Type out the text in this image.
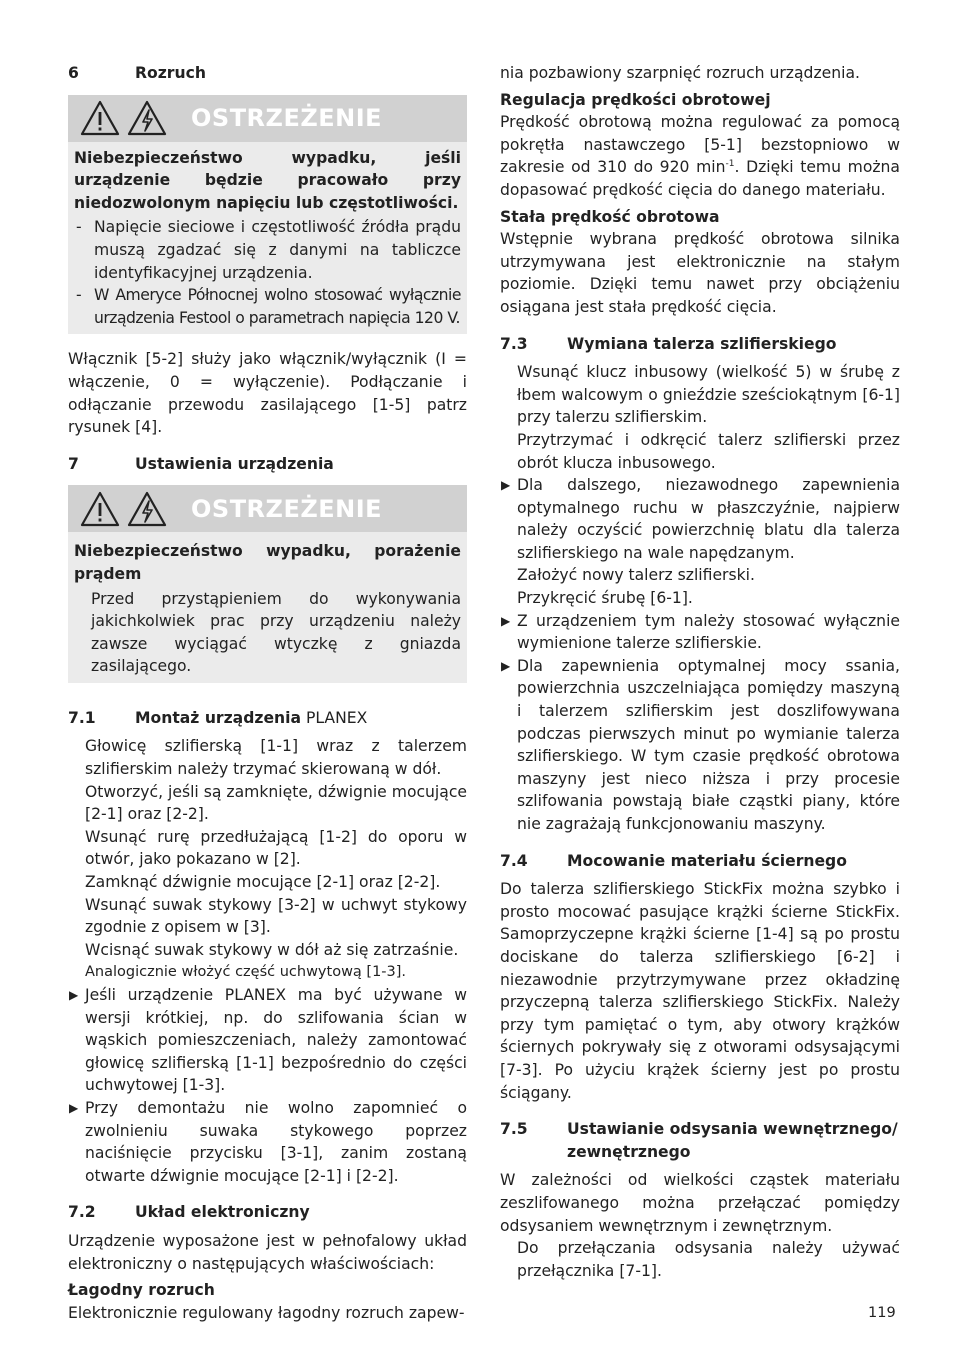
6	Rozruch
OSTRZEŻENIE

Niebezpieczeństwo wypadku, jeśli urządzenie będzie pracowało przy niedozwolonym napięciu lub częstotliwości.

- Napięcie sieciowe i częstotliwość źródła prądu muszą zgadzać się z danymi na tabliczce identyfikacyjnej urządzenia.
- W Ameryce Północnej wolno stosować wyłącznie urządzenia Festool o parametrach napięcia 120 V.

Włącznik [5-2] służy jako włącznik/wyłącznik (I = włączenie, 0 = wyłączenie). Podłączanie i odłączanie przewodu zasilającego [1-5] patrz rysunek [4].

7	Ustawienia urządzenia
OSTRZEŻENIE

Niebezpieczeństwo wypadku, porażenie prądem

Przed przystąpieniem do wykonywania jakichkolwiek prac przy urządzeniu należy zawsze wyciągać wtyczkę z gniazda zasilającego.

7.1	Montaż urządzenia PLANEX

Głowicę szlifierską [1-1] wraz z talerzem szlifierskim należy trzymać skierowaną w dół.

Otworzyć, jeśli są zamknięte, dźwignie mocujące [2-1] oraz [2-2].

Wsunąć rurę przedłużającą [1-2] do oporu w otwór, jako pokazano w [2].

Zamknąć dźwignie mocujące [2-1] oraz [2-2].

Wsunąć suwak stykowy [3-2] w uchwyt stykowy zgodnie z opisem w [3].

Wcisnąć suwak stykowy w dół aż się zatrzaśnie.

Analogicznie włożyć część uchwytową [1-3].

▶ Jeśli urządzenie PLANEX ma być używane w wersji krótkiej, np. do szlifowania ścian w wąskich pomieszczeniach, należy zamontować głowicę szlifierską [1-1] bezpośrednio do części uchwytowej [1-3].

▶ Przy demontażu nie wolno zapomnieć o zwolnieniu suwaka stykowego poprzez naciśnięcie przycisku [3-1], zanim zostaną otwarte dźwignie mocujące [2-1] i [2-2].

7.2	Układ elektroniczny

Urządzenie wyposażone jest w pełnofalowy układ elektroniczny o następujących właściwościach:

Łagodny rozruch

Elektronicznie regulowany łagodny rozruch zapew-

nia pozbawiony szarpnięć rozruch urządzenia.

Regulacja prędkości obrotowej

Prędkość obrotową można regulować za pomocą pokrętła nastawczego [5-1] bezstopniowo w zakresie od 310 do 920 $\min^{-1}$. Dzięki temu można dopasować prędkość cięcia do danego materiału.

Stała prędkość obrotowa

Wstępnie wybrana prędkość obrotowa silnika utrzymywana jest elektronicznie na stałym poziomie. Dzięki temu nawet przy obciążeniu osiągana jest stała prędkość cięcia.

7.3	Wymiana talerza szlifierskiego

Wsunąć klucz inbusowy (wielkość 5) w śrubę z łbem walcowym o gnieździe sześciokątnym [6-1] przy talerzu szlifierskim.

Przytrzymać i odkręcić talerz szlifierski przez obrót klucza inbusowego.

▶ Dla dalszego, niezawodnego zapewnienia optymalnego ruchu w płaszczyźnie, najpierw należy oczyścić powierzchnię blatu dla talerza szlifierskiego na wale napędzanym.

Założyć nowy talerz szlifierski.

Przykręcić śrubę [6-1].

▶ Z urządzeniem tym należy stosować wyłącznie wymienione talerze szlifierskie.

▶ Dla zapewnienia optymalnej mocy ssania, powierzchnia uszczelniająca pomiędzy maszyną i talerzem szlifierskim jest doszlifowywana podczas pierwszych minut po wymianie talerza szlifierskiego. W tym czasie prędkość obrotowa maszyny jest nieco niższa i przy procesie szlifowania powstają białe cząstki piany, które nie zagrażają funkcjonowaniu maszyny.

7.4	Mocowanie materiału ściernego

Do talerza szlifierskiego StickFix można szybko i prosto mocować pasujące krążki ścierne StickFix. Samoprzyczepne krążki ścierne [1-4] są po prostu dociskane do talerza szlifierskiego [6-2] i niezawodnie przytrzymywane przez okładzinę przyczepną talerza szlifierskiego StickFix. Należy przy tym pamiętać o tym, aby otwory krążków ściernych pokrywały się z otworami odsysającymi [7-3]. Po użyciu krążek ścierny jest po prostu ściągany.

7.5	Ustawianie odsysania wewnętrznego/ zewnętrznego

W zależności od wielkości cząstek materiału zeszlifowanego można przełączać pomiędzy odsysaniem wewnętrznym i zewnętrznym.

Do przełączania odsysania należy używać przełącznika [7-1].

119
